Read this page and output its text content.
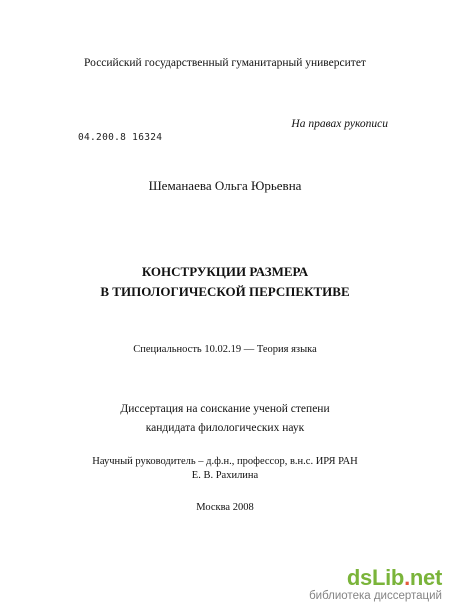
Российский государственный гуманитарный университет
На правах рукописи
04.200.8 16324
Шеманаева Ольга Юрьевна
КОНСТРУКЦИИ РАЗМЕРА
В ТИПОЛОГИЧЕСКОЙ ПЕРСПЕКТИВЕ
Специальность 10.02.19 — Теория языка
Диссертация на соискание ученой степени
кандидата филологических наук
Научный руководитель – д.ф.н., профессор, в.н.с. ИРЯ РАН
Е. В. Рахилина
Москва 2008
dsLib.net
библиотека диссертаций
